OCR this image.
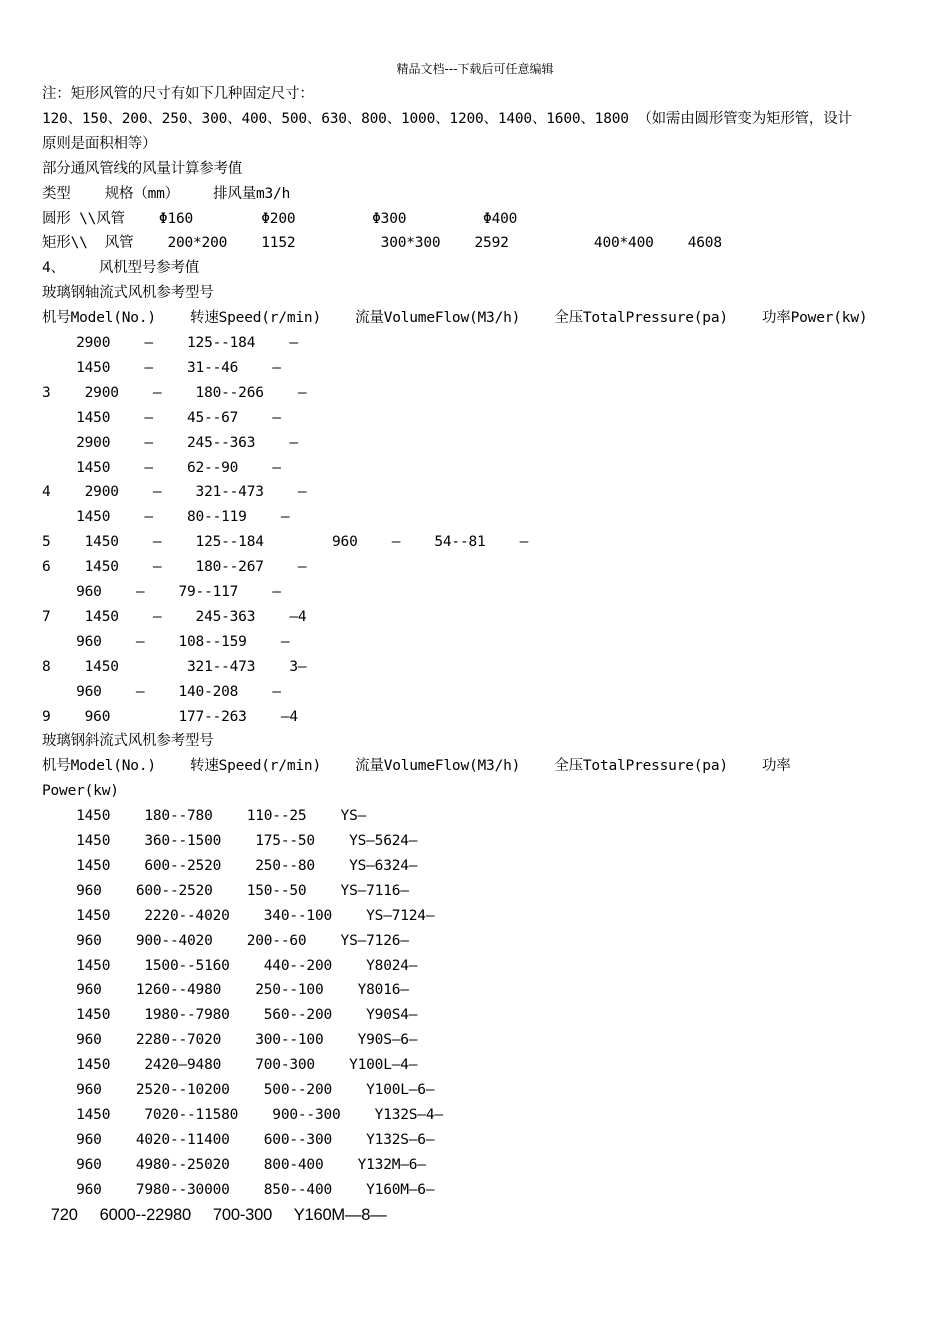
精品文档---下载后可任意编辑
注：矩形风管的尺寸有如下几种固定尺寸：
120、150、200、250、300、400、500、630、800、1000、1200、1400、1600、1800 （如需由圆形管变为矩形管，设计
原则是面积相等）
部分通风管线的风量计算参考值
类型    规格（mm）    排风量m3/h
圆形 \\风管    Φ160        Φ200         Φ300         Φ400
矩形\\  风管    200*200    1152          300*300    2592          400*400    4608
4、    风机型号参考值
玻璃钢轴流式风机参考型号
机号Model(No.)    转速Speed(r/min)    流量VolumeFlow(M3/h)    全压TotalPressure(pa)    功率Power(kw)
2900    —    125--184    —
1450    —    31--46    —
3    2900    —    180--266    —
1450    —    45--67    —
2900    —    245--363    —
1450    —    62--90    —
4    2900    —    321--473    —
1450    —    80--119    —
5    1450    —    125--184        960    —    54--81    —
6    1450    —    180--267    —
960    —    79--117    —
7    1450    —    245-363    —4
960    —    108--159    —
8    1450        321--473    3—
960    —    140-208    —
9    960        177--263    —4
玻璃钢斜流式风机参考型号
机号Model(No.)    转速Speed(r/min)    流量VolumeFlow(M3/h)    全压TotalPressure(pa)    功率
Power(kw)
1450    180--780    110--25    YS—
1450    360--1500    175--50    YS—5624—
1450    600--2520    250--80    YS—6324—
960    600--2520    150--50    YS—7116—
1450    2220--4020    340--100    YS—7124—
960    900--4020    200--60    YS—7126—
1450    1500--5160    440--200    Y8024—
960    1260--4980    250--100    Y8016—
1450    1980--7980    560--200    Y90S4—
960    2280--7020    300--100    Y90S—6—
1450    2420—9480    700-300    Y100L—4—
960    2520--10200    500--200    Y100L—6—
1450    7020--11580    900--300    Y132S—4—
960    4020--11400    600--300    Y132S—6—
960    4980--25020    800-400    Y132M—6—
960    7980--30000    850--400    Y160M—6—
720     6000--22980     700-300     Y160M—8—
